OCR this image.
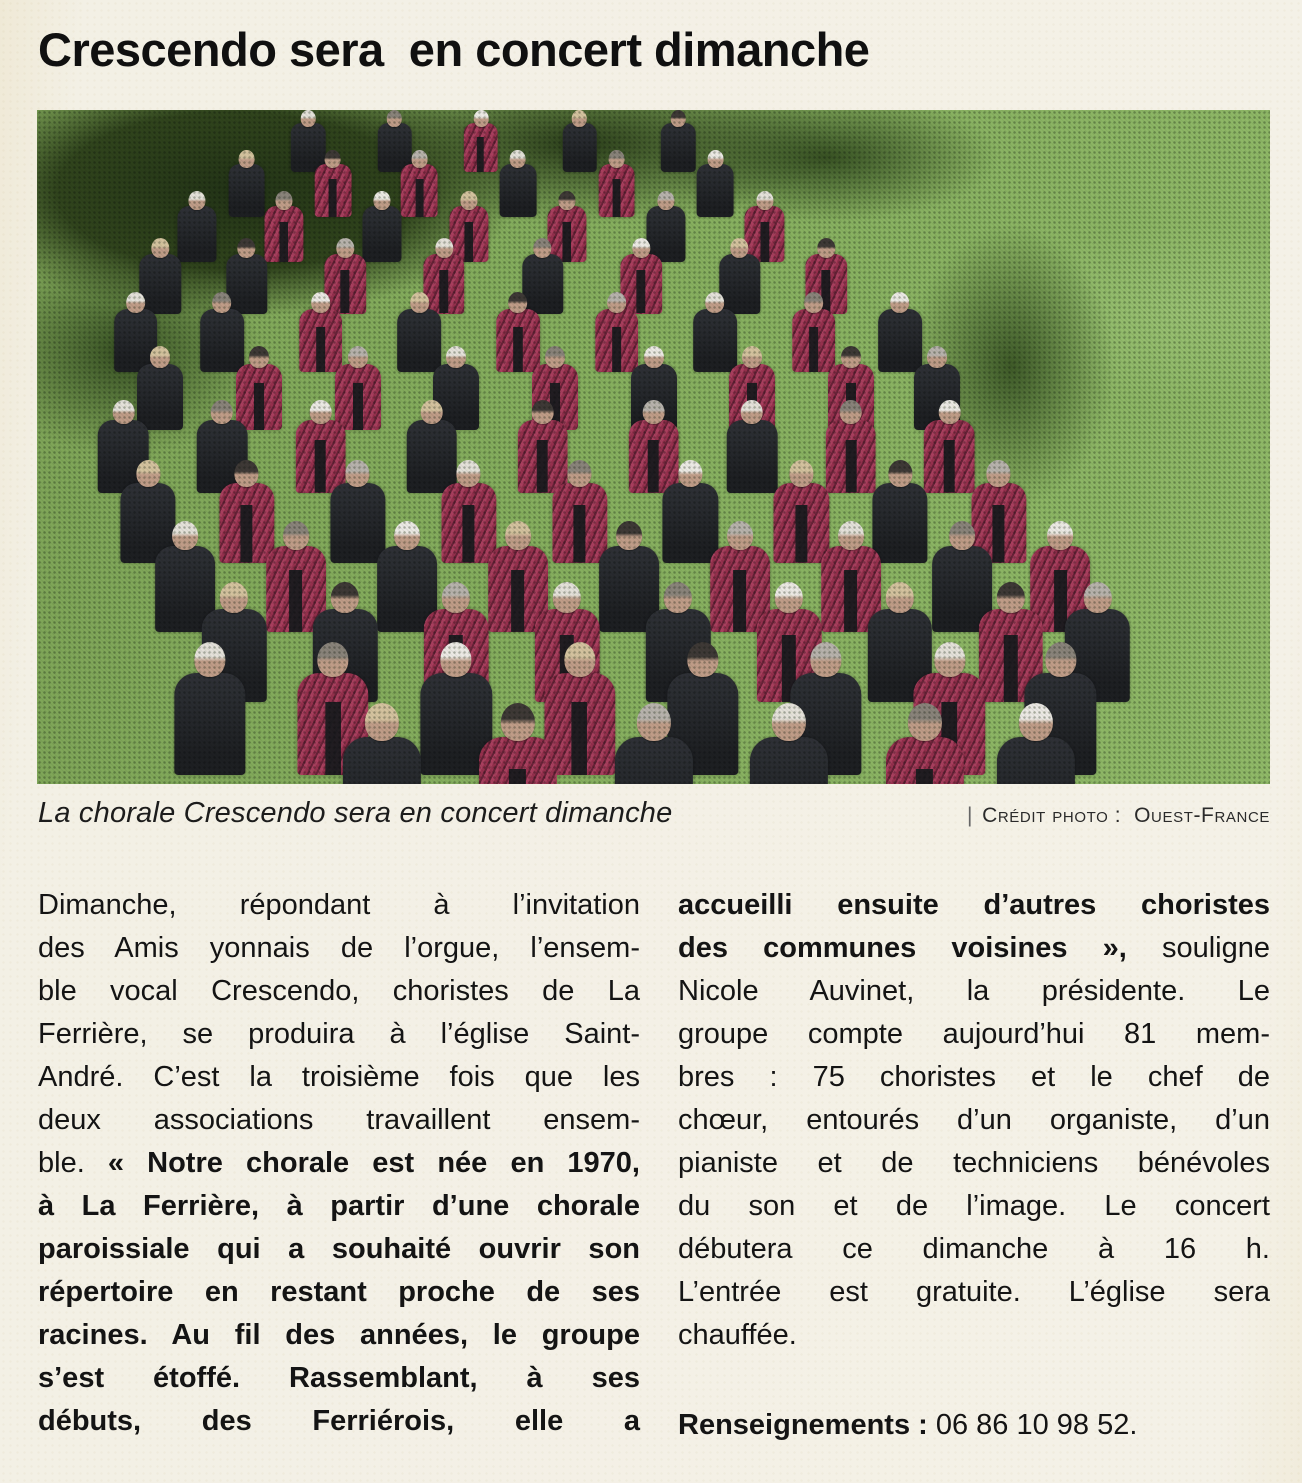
Crescendo sera  en concert dimanche
La chorale Crescendo sera en concert dimanche	| Crédit photo : Ouest-France
Dimanche, répondant à l’invitation
des Amis yonnais de l’orgue, l’ensem-
ble vocal Crescendo, choristes de La
Ferrière, se produira à l’église Saint-
André. C’est la troisième fois que les
deux associations travaillent ensem-
ble. « Notre chorale est née en 1970,
à La Ferrière, à partir d’une chorale
paroissiale qui a souhaité ouvrir son
répertoire en restant proche de ses
racines. Au fil des années, le groupe
s’est étoffé. Rassemblant, à ses
débuts, des Ferriérois, elle a
accueilli ensuite d’autres choristes
des communes voisines », souligne
Nicole Auvinet, la présidente. Le
groupe compte aujourd’hui 81 mem-
bres : 75 choristes et le chef de
chœur, entourés d’un organiste, d’un
pianiste et de techniciens bénévoles
du son et de l’image. Le concert
débutera ce dimanche à 16 h.
L’entrée est gratuite. L’église sera
chauffée.
Renseignements : 06 86 10 98 52.
